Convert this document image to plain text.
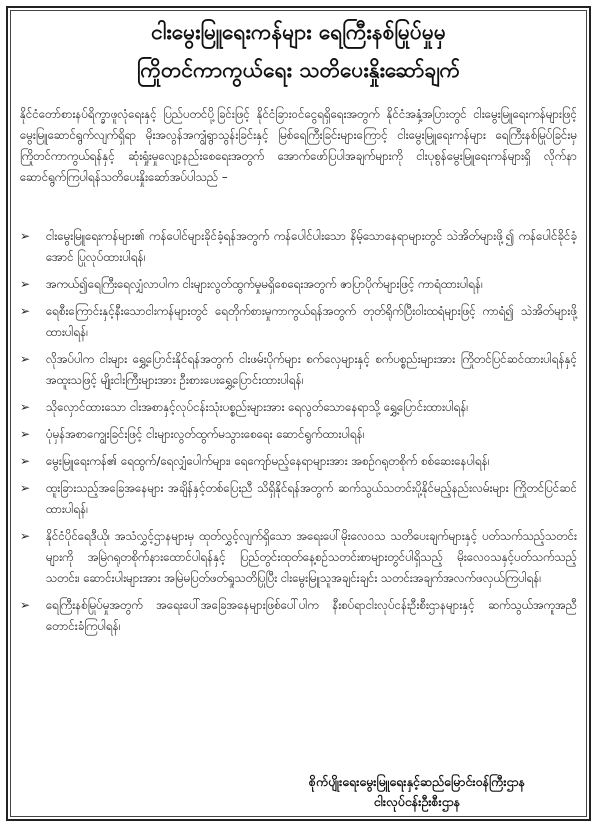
ငါးမွေးမြူရေးကန်များ ရေကြီးနစ်မြုပ်မှုမှ
ကြိုတင်ကာကွယ်ရေး သတိပေးနှိုးဆော်ချက်
နိုင်ငံတော်စားနပ်ရိက္ခာဖူလုံရေးနှင့် ပြည်ပတင်ပို့ခြင်းဖြင့် နိုင်ငံခြားဝင်ငွေရရှိရေးအတွက် နိုင်ငံအနှံ့အပြားတွင် ငါးမွေးမြူရေးကန်များဖြင့် မွေးမြူဆောင်ရွက်လျက်ရှိရာ မိုးအလွန်အကျွံရွာသွန်းခြင်းနှင့် မြစ်ရေကြီးခြင်းများကြောင့် ငါးမွေးမြူရေးကန်များ ရေကြီးနစ်မြုပ်ခြင်းမှ ကြိုတင်ကာကွယ်ရန်နှင့် ဆုံးရှုံးမှုလျော့နည်းစေရေးအတွက် အောက်ဖော်ပြပါအချက်များကို ငါးပုစွန်မွေးမြူရေးကန်များရှိ လိုက်နာဆောင်ရွက်ကြပါရန်သတိပေးနှိုးဆော်အပ်ပါသည် –
➢	ငါးမွေးမြူရေးကန်များ၏ ကန်ပေါင်များခိုင်ခံ့ရန်အတွက် ကန်ပေါင်ပါးသော နိမ့်သောနေရာများတွင် သဲအိတ်များဖို့၍ ကန်ပေါင်ခိုင်ခံ့အောင် ပြုလုပ်ထားပါရန်၊
➢	အကယ်၍ရေကြီးရေလျှံလာပါက ငါးများလွတ်ထွက်မှုမရှိစေရေးအတွက် ဇာပြာပိုက်များဖြင့် ကာရံထားပါရန်၊
➢	ရေစီးကြောင်းနှင့်နီးသောငါးကန်များတွင် ရေတိုက်စားမှုကာကွယ်ရန်အတွက် တုတ်ရိုက်ပြီးဝါးထရံများဖြင့် ကာရံ၍ သဲအိတ်များဖို့ထားပါရန်၊
➢	လိုအပ်ပါက ငါးများ ရွှေ့ပြောင်းနိုင်ရန်အတွက် ငါးဖမ်းပိုက်များ စက်လှေများနှင့် စက်ပစ္စည်းများအား ကြိုတင်ပြင်ဆင်ထားပါရန်နှင့် အထူးသဖြင့် မျိုးငါးကြီးများအား ဦးစားပေးရွှေ့ပြောင်းထားပါရန်၊
➢	သိုလှောင်ထားသော ငါးအစာနှင့်လုပ်ငန်းသုံးပစ္စည်းများအား ရေလွတ်သောနေရာသို့ ရွှေ့ပြောင်းထားပါရန်၊
➢	ပုံမှန်အစာကျွေးခြင်းဖြင့် ငါးများလွတ်ထွက်မသွားစေရေး ဆောင်ရွက်ထားပါရန်၊
➢	မွေးမြူရေးကန်၏ ရေထွက်/ရေလျှံပေါက်များ၊ ရေကျော်မည့်နေရာများအား အစဉ်ဂရုတစိုက် စစ်ဆေးနေပါရန်၊
➢	ထူးခြားသည့်အခြေအနေများ အချိန်နှင့်တစ်ပြေးညီ သိရှိနိုင်ရန်အတွက် ဆက်သွယ်သတင်းပို့နိုင်မည့်နည်းလမ်းများ ကြိုတင်ပြင်ဆင်ထားပါရန်၊
➢	နိုင်ငံပိုင်ရေဒီယို၊ အသံလွှင့်ဌာနများမှ ထုတ်လွှင့်လျက်ရှိသော အရေးပေါ်မိုးလေဝသ သတိပေးချက်များနှင့် ပတ်သက်သည့်သတင်းများကို အမြဲဂရုတစိုက်နားထောင်ပါရန်နှင့် ပြည်တွင်းထုတ်နေ့စဉ်သတင်းစာများတွင်ပါရှိသည့် မိုးလေဝသနှင့်ပတ်သက်သည့် သတင်း၊ ဆောင်းပါးများအား အမြဲမပြတ်ဖတ်ရှုသတိပြုပြီး ငါးမွေးမြူသူအချင်းချင်း သတင်းအချက်အလက်ဖလှယ်ကြပါရန်၊
➢	ရေကြီးနစ်မြုပ်မှုအတွက် အရေးပေါ်အခြေအနေများဖြစ်ပေါ်ပါက နီးစပ်ရာငါးလုပ်ငန်းဦးစီးဌာနများနှင့် ဆက်သွယ်အကူအညီတောင်းခံကြပါရန်၊
စိုက်ပျိုးရေးမွေးမြူရေးနှင့်ဆည်မြောင်းဝန်ကြီးဌာန
ငါးလုပ်ငန်းဦးစီးဌာန
